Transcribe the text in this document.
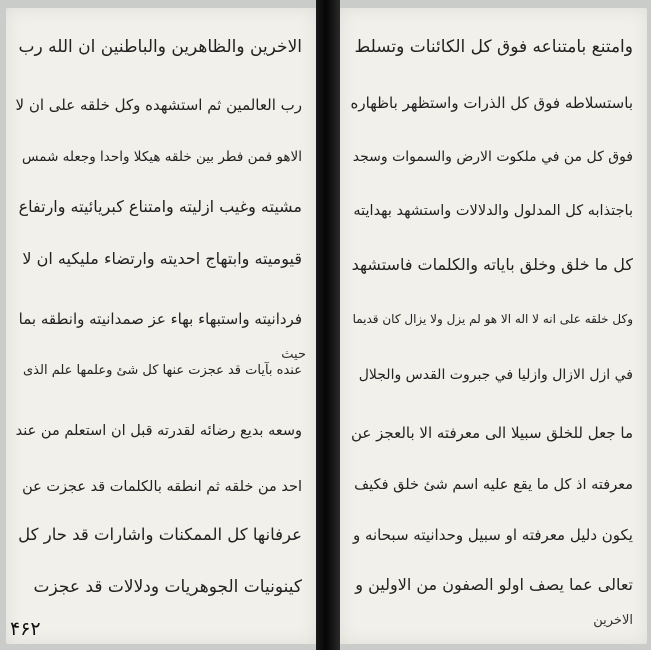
الاخرين والظاهرين والباطنين ان الله رب
رب العالمين ثم استشهده وكل خلقه على ان لا
الاهو فمن فطر بين خلقه هيكلا واحدا وجعله شمس
مشيته وغيب ازليته وامتناع كبريائيته وارتفاع
قيوميته وابتهاج احديته وارتضاء مليكيه ان لا
فردانيته واستبهاء بهاء عز صمدانيته وانطقه بما
حيث
عنده بآيات قد عجزت عنها كل شئ وعلمها علم الذى
وسعه بديع رضائه لقدرته قبل ان استعلم من عند
احد من خلقه ثم انطقه بالكلمات قد عجزت عن
عرفانها كل الممكنات واشارات قد حار كل
كينونيات الجوهريات ودلالات قد عجزت
وامتنع بامتناعه فوق كل الكائنات وتسلط
باستسلاطه فوق كل الذرات واستظهر باظهاره
فوق كل من في ملكوت الارض والسموات وسجد
باجتذابه كل المدلول والدلالات واستشهد بهدايته
كل ما خلق وخلق باياته والكلمات فاستشهد
وكل خلقه على انه لا اله الا هو لم يزل ولا يزال كان قديما
في ازل الازال وازليا في جبروت القدس والجلال
ما جعل للخلق سبيلا الى معرفته الا بالعجز عن
معرفته اذ كل ما يقع عليه اسم شئ خلق فكيف
يكون دليل معرفته او سبيل وحدانيته سبحانه و
تعالى عما يصف اولو الصفون من الاولين و
الاخرين
۴۶۲
